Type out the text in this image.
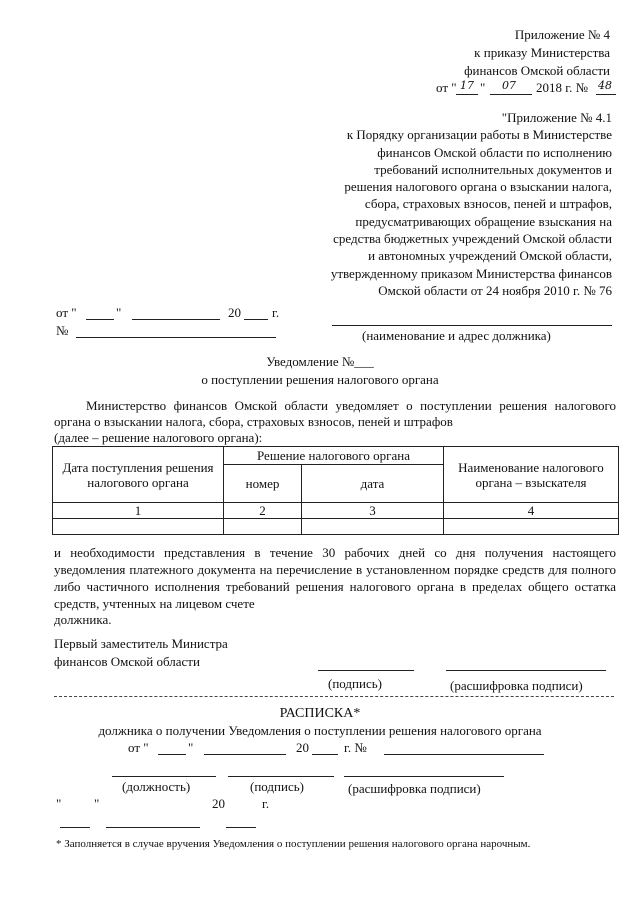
Приложение № 4
к приказу Министерства
финансов Омской области
от " 17 " 07 2018 г. № 48
"Приложение № 4.1
к Порядку организации работы в Министерстве
финансов Омской области по исполнению
требований исполнительных документов и
решения налогового органа о взыскании налога,
сбора, страховых взносов, пеней и штрафов,
предусматривающих обращение взыскания на
средства бюджетных учреждений Омской области
и автономных учреждений Омской области,
утвержденному приказом Министерства финансов
Омской области от 24 ноября 2010 г. № 76
от "	"	20 г.
№	(наименование и адрес должника)
Уведомление №___
о поступлении решения налогового органа
Министерство финансов Омской области уведомляет о поступлении решения налогового органа о взыскании налога, сбора, страховых взносов, пеней и штрафов
(далее – решение налогового органа):
Дата поступления решения налогового органа	Решение налогового органа		Наименование налогового органа – взыскателя
	номер	дата	
1	2	3	4

и необходимости представления в течение 30 рабочих дней со дня получения настоящего уведомления платежного документа на перечисление в установленном порядке средств для полного либо частичного исполнения требований решения налогового органа в пределах общего остатка средств, учтенных на лицевом счете
должника.
Первый заместитель Министра
финансов Омской области
(подпись)	(расшифровка подписи)
РАСПИСКА*
должника о получении Уведомления о поступлении решения налогового органа
от "	"	20	г. №
(должность)	(подпись)	(расшифровка подписи)
"	"	20	г.
* Заполняется в случае вручения Уведомления о поступлении решения налогового органа нарочным.
